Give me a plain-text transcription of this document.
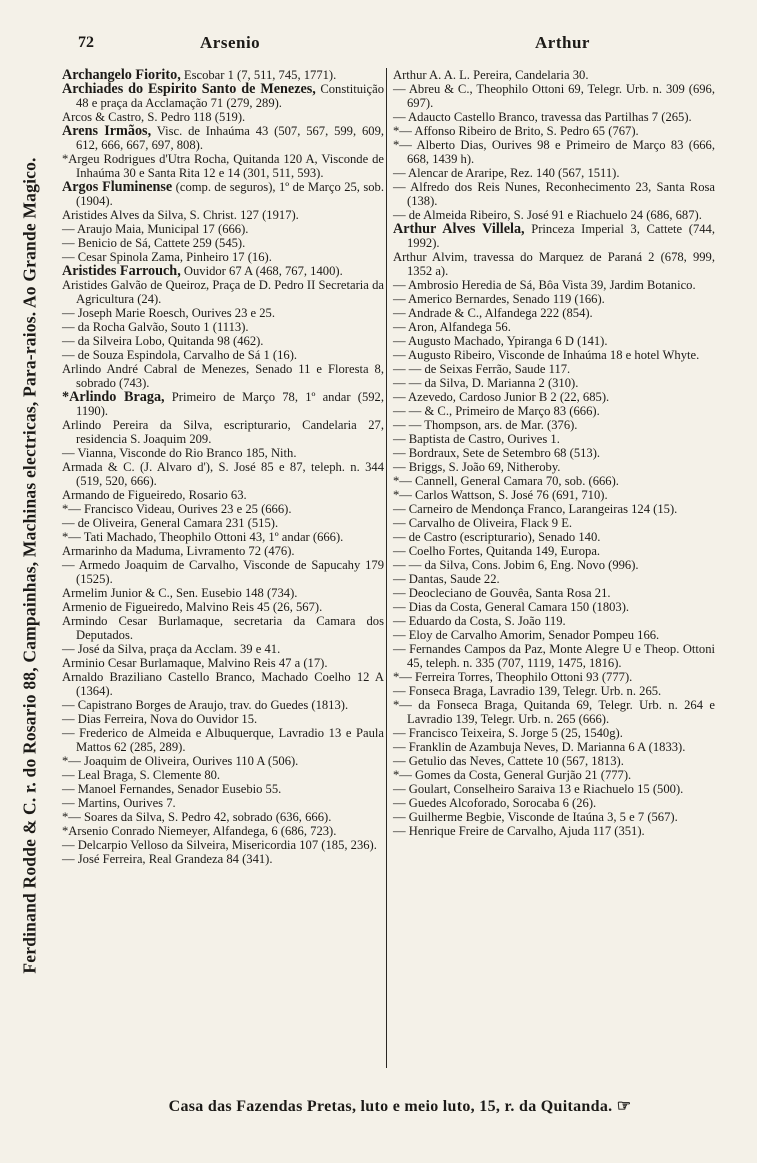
Ferdinand Rodde & C. r. do Rosario 88, Campainhas, Machinas electricas, Para-raios. Ao Grande Magico.
72	Arsenio	Arthur

Archangelo Fiorito, Escobar 1 (7, 511, 745, 1771).

Archiades do Espirito Santo de Menezes, Constituição 48 e praça da Acclamação 71 (279, 289).

Arcos & Castro, S. Pedro 118 (519).

Arens Irmãos, Visc. de Inhaúma 43 (507, 567, 599, 609, 612, 666, 667, 697, 808).

*Argeu Rodrigues d'Utra Rocha, Quitanda 120 A, Visconde de Inhaúma 30 e Santa Rita 12 e 14 (301, 511, 593).

Argos Fluminense (comp. de seguros), 1º de Março 25, sob. (1904).

Aristides Alves da Silva, S. Christ. 127 (1917).

— Araujo Maia, Municipal 17 (666).

— Benicio de Sá, Cattete 259 (545).

— Cesar Spinola Zama, Pinheiro 17 (16).

Aristides Farrouch, Ouvidor 67 A (468, 767, 1400).

Aristides Galvão de Queiroz, Praça de D. Pedro II Secretaria da Agricultura (24).

— Joseph Marie Roesch, Ourives 23 e 25.

— da Rocha Galvão, Souto 1 (1113).

— da Silveira Lobo, Quitanda 98 (462).

— de Souza Espindola, Carvalho de Sá 1 (16).

Arlindo André Cabral de Menezes, Senado 11 e Floresta 8, sobrado (743).

*Arlindo Braga, Primeiro de Março 78, 1º andar (592, 1190).

Arlindo Pereira da Silva, escripturario, Candelaria 27, residencia S. Joaquim 209.

— Vianna, Visconde do Rio Branco 185, Nith.

Armada & C. (J. Alvaro d'), S. José 85 e 87, teleph. n. 344 (519, 520, 666).

Armando de Figueiredo, Rosario 63.

*— Francisco Videau, Ourives 23 e 25 (666).

— de Oliveira, General Camara 231 (515).

*— Tati Machado, Theophilo Ottoni 43, 1º andar (666).

Armarinho da Maduma, Livramento 72 (476).

— Armedo Joaquim de Carvalho, Visconde de Sapucahy 179 (1525).

Armelim Junior & C., Sen. Eusebio 148 (734).

Armenio de Figueiredo, Malvino Reis 45 (26, 567).

Armindo Cesar Burlamaque, secretaria da Camara dos Deputados.

— José da Silva, praça da Acclam. 39 e 41.

Arminio Cesar Burlamaque, Malvino Reis 47 a (17).

Arnaldo Braziliano Castello Branco, Machado Coelho 12 A (1364).

— Capistrano Borges de Araujo, trav. do Guedes (1813).

— Dias Ferreira, Nova do Ouvidor 15.

— Frederico de Almeida e Albuquerque, Lavradio 13 e Paula Mattos 62 (285, 289).

*— Joaquim de Oliveira, Ourives 110 A (506).

— Leal Braga, S. Clemente 80.

— Manoel Fernandes, Senador Eusebio 55.

— Martins, Ourives 7.

*— Soares da Silva, S. Pedro 42, sobrado (636, 666).

*Arsenio Conrado Niemeyer, Alfandega, 6 (686, 723).

— Delcarpio Velloso da Silveira, Misericordia 107 (185, 236).

— José Ferreira, Real Grandeza 84 (341).

Arthur A. A. L. Pereira, Candelaria 30.

— Abreu & C., Theophilo Ottoni 69, Telegr. Urb. n. 309 (696, 697).

— Adaucto Castello Branco, travessa das Partilhas 7 (265).

*— Affonso Ribeiro de Brito, S. Pedro 65 (767).

*— Alberto Dias, Ourives 98 e Primeiro de Março 83 (666, 668, 1439 h).

— Alencar de Araripe, Rez. 140 (567, 1511).

— Alfredo dos Reis Nunes, Reconhecimento 23, Santa Rosa (138).

— de Almeida Ribeiro, S. José 91 e Riachuelo 24 (686, 687).

Arthur Alves Villela, Princeza Imperial 3, Cattete (744, 1992).

Arthur Alvim, travessa do Marquez de Paraná 2 (678, 999, 1352 a).

— Ambrosio Heredia de Sá, Bôa Vista 39, Jardim Botanico.

— Americo Bernardes, Senado 119 (166).

— Andrade & C., Alfandega 222 (854).

— Aron, Alfandega 56.

— Augusto Machado, Ypiranga 6 D (141).

— Augusto Ribeiro, Visconde de Inhaúma 18 e hotel Whyte.

— — de Seixas Ferrão, Saude 117.

— — da Silva, D. Marianna 2 (310).

— Azevedo, Cardoso Junior B 2 (22, 685).

— — & C., Primeiro de Março 83 (666).

— — Thompson, ars. de Mar. (376).

— Baptista de Castro, Ourives 1.

— Bordraux, Sete de Setembro 68 (513).

— Briggs, S. João 69, Nitheroby.

*— Cannell, General Camara 70, sob. (666).

*— Carlos Wattson, S. José 76 (691, 710).

— Carneiro de Mendonça Franco, Larangeiras 124 (15).

— Carvalho de Oliveira, Flack 9 E.

— de Castro (escripturario), Senado 140.

— Coelho Fortes, Quitanda 149, Europa.

— — da Silva, Cons. Jobim 6, Eng. Novo (996).

— Dantas, Saude 22.

— Deocleciano de Gouvêa, Santa Rosa 21.

— Dias da Costa, General Camara 150 (1803).

— Eduardo da Costa, S. João 119.

— Eloy de Carvalho Amorim, Senador Pompeu 166.

— Fernandes Campos da Paz, Monte Alegre U e Theop. Ottoni 45, teleph. n. 335 (707, 1119, 1475, 1816).

*— Ferreira Torres, Theophilo Ottoni 93 (777).

— Fonseca Braga, Lavradio 139, Telegr. Urb. n. 265.

*— da Fonseca Braga, Quitanda 69, Telegr. Urb. n. 264 e Lavradio 139, Telegr. Urb. n. 265 (666).

— Francisco Teixeira, S. Jorge 5 (25, 1540g).

— Franklin de Azambuja Neves, D. Marianna 6 A (1833).

— Getulio das Neves, Cattete 10 (567, 1813).

*— Gomes da Costa, General Gurjão 21 (777).

— Goulart, Conselheiro Saraiva 13 e Riachuelo 15 (500).

— Guedes Alcoforado, Sorocaba 6 (26).

— Guilherme Begbie, Visconde de Itaúna 3, 5 e 7 (567).

— Henrique Freire de Carvalho, Ajuda 117 (351).

Casa das Fazendas Pretas, luto e meio luto, 15, r. da Quitanda. ☞
